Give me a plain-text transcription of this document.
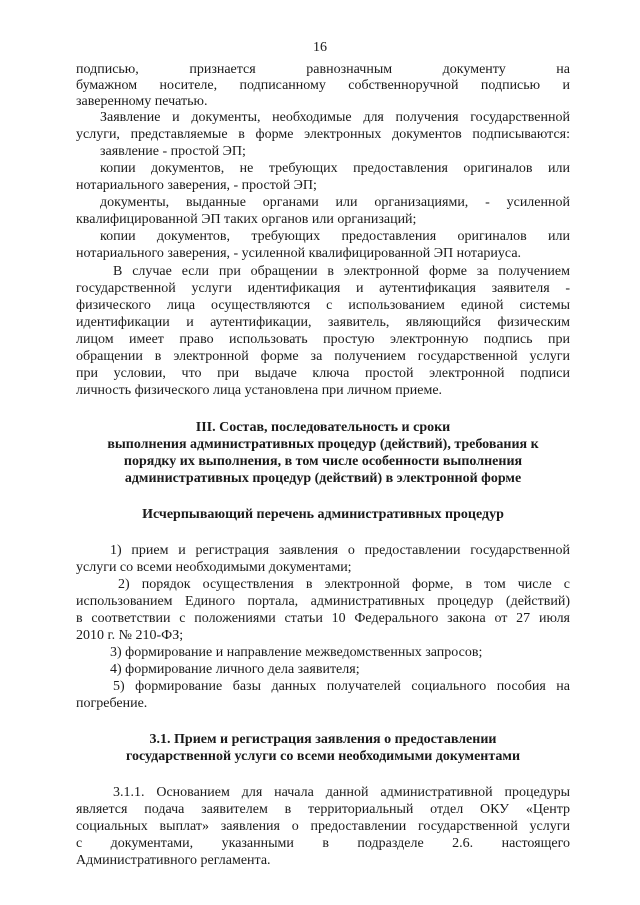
16
подписью, признается равнозначным документу на
бумажном носителе, подписанному собственноручной подписью и
заверенному печатью.
Заявление и документы, необходимые для получения государственной
услуги, представляемые в форме электронных документов подписываются:
заявление - простой ЭП;
копии документов, не требующих предоставления оригиналов или
нотариального заверения, - простой ЭП;
документы, выданные органами или организациями, - усиленной
квалифицированной ЭП таких органов или организаций;
копии документов, требующих предоставления оригиналов или
нотариального заверения, - усиленной квалифицированной ЭП нотариуса.
В случае если при обращении в электронной форме за получением
государственной услуги идентификация и аутентификация заявителя -
физического лица осуществляются с использованием единой системы
идентификации и аутентификации, заявитель, являющийся физическим
лицом имеет право использовать простую электронную подпись при
обращении в электронной форме за получением государственной услуги
при условии, что при выдаче ключа простой электронной подписи
личность физического лица установлена при личном приеме.
III. Состав, последовательность и сроки
выполнения административных процедур (действий), требования к
порядку их выполнения, в том числе особенности выполнения
административных процедур (действий) в электронной форме
Исчерпывающий перечень административных процедур
1) прием и регистрация заявления о предоставлении государственной
услуги со всеми необходимыми документами;
2) порядок осуществления в электронной форме, в том числе с
использованием Единого портала, административных процедур (действий)
в соответствии с положениями статьи 10 Федерального закона от 27 июля
2010 г. № 210-ФЗ;
3) формирование и направление межведомственных запросов;
4) формирование личного дела заявителя;
5) формирование базы данных получателей социального пособия на
погребение.
3.1. Прием и регистрация заявления о предоставлении
государственной услуги со всеми необходимыми документами
3.1.1. Основанием для начала данной административной процедуры
является подача заявителем в территориальный отдел ОКУ «Центр
социальных выплат» заявления о предоставлении государственной услуги
с документами, указанными в подразделе 2.6. настоящего
Административного регламента.
